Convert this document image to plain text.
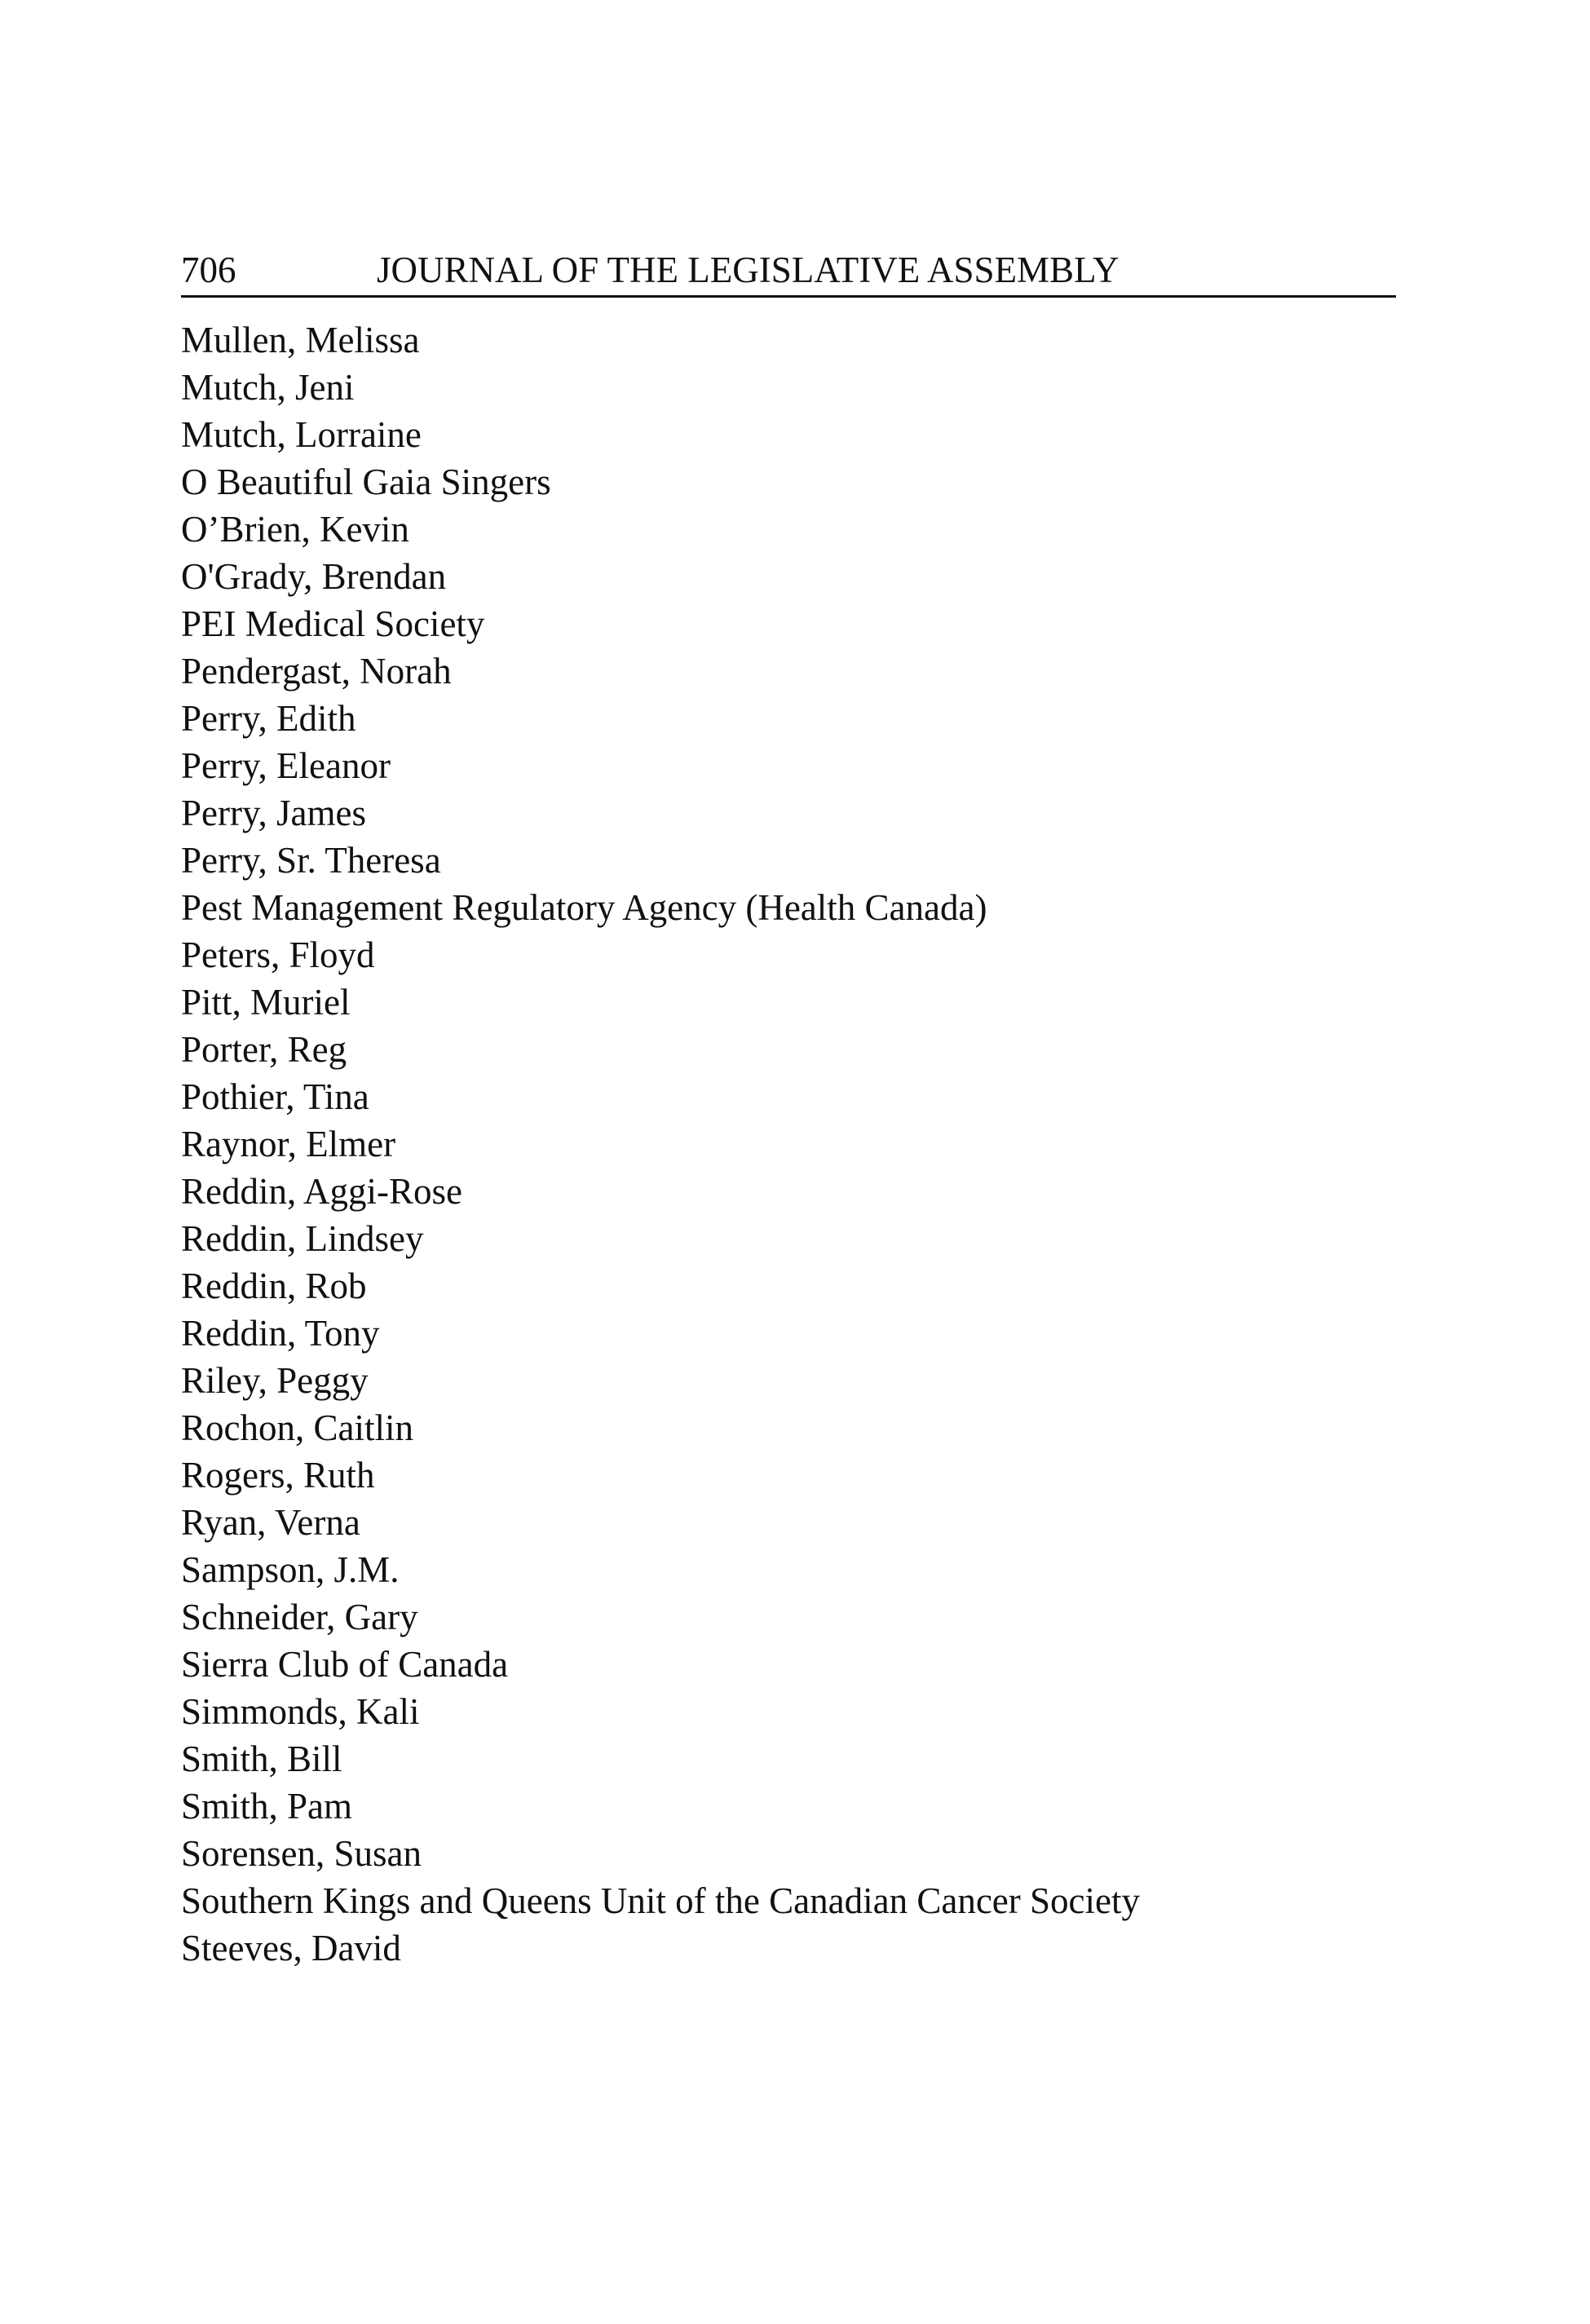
706	JOURNAL OF THE LEGISLATIVE ASSEMBLY
Mullen, Melissa
Mutch, Jeni
Mutch, Lorraine
O Beautiful Gaia Singers
O’Brien, Kevin
O'Grady, Brendan
PEI Medical Society
Pendergast, Norah
Perry, Edith
Perry, Eleanor
Perry, James
Perry, Sr. Theresa
Pest Management Regulatory Agency (Health Canada)
Peters, Floyd
Pitt, Muriel
Porter, Reg
Pothier, Tina
Raynor, Elmer
Reddin, Aggi-Rose
Reddin, Lindsey
Reddin, Rob
Reddin, Tony
Riley, Peggy
Rochon, Caitlin
Rogers, Ruth
Ryan, Verna
Sampson, J.M.
Schneider, Gary
Sierra Club of Canada
Simmonds, Kali
Smith, Bill
Smith, Pam
Sorensen, Susan
Southern Kings and Queens Unit of the Canadian Cancer Society
Steeves, David
